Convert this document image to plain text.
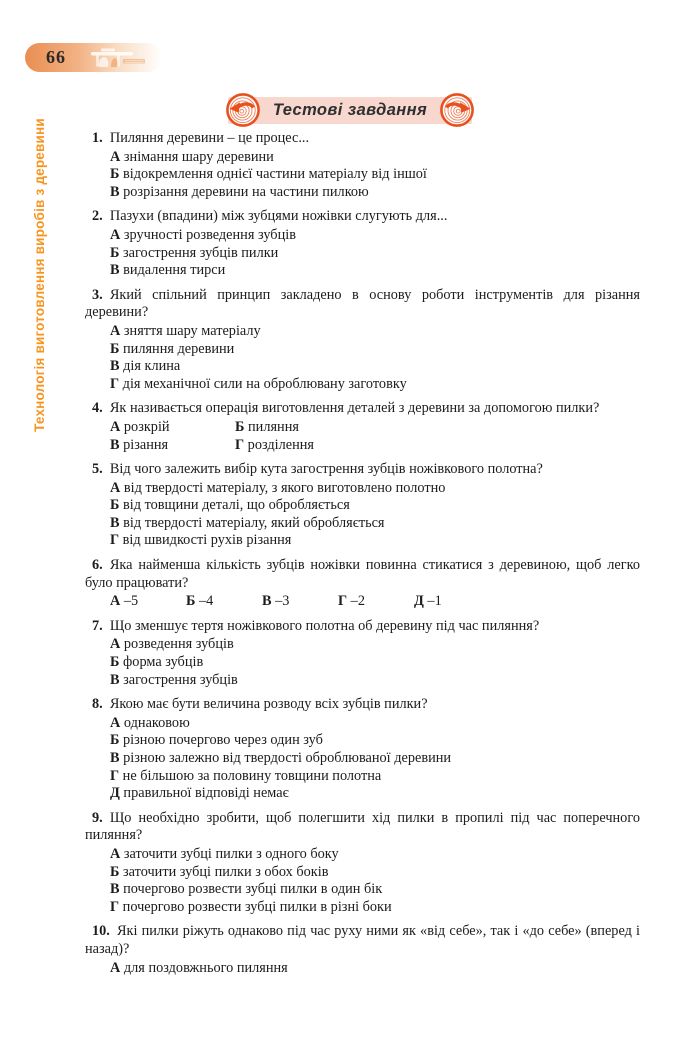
66
Технологія виготовлення виробів з деревини
Тестові завдання

1. Пиляння деревини – це процес...

А знімання шару деревини
Б відокремлення однієї частини матеріалу від іншої
В розрізання деревини на частини пилкою

2. Пазухи (впадини) між зубцями ножівки слугують для...

А зручності розведення зубців
Б загострення зубців пилки
В видалення тирси

3. Який спільний принцип закладено в основу роботи інструментів для різання деревини?

А зняття шару матеріалу
Б пиляння деревини
В дія клина
Г дія механічної сили на оброблювану заготовку

4. Як називається операція виготовлення деталей з деревини за допомогою пилки?

А розкрій	Б пиляння
В різання	Г розділення

5. Від чого залежить вибір кута загострення зубців ножівкового полотна?

А від твердості матеріалу, з якого виготовлено полотно
Б від товщини деталі, що обробляється
В від твердості матеріалу, який обробляється
Г від швидкості рухів різання

6. Яка найменша кількість зубців ножівки повинна стикатися з деревиною, щоб легко було працювати?

А –5	Б –4	В –3	Г –2	Д –1

7. Що зменшує тертя ножівкового полотна об деревину під час пиляння?

А розведення зубців
Б форма зубців
В загострення зубців

8. Якою має бути величина розводу всіх зубців пилки?

А однаковою
Б різною почергово через один зуб
В різною залежно від твердості оброблюваної деревини
Г не більшою за половину товщини полотна
Д правильної відповіді немає

9. Що необхідно зробити, щоб полегшити хід пилки в пропилі під час поперечного пиляння?

А заточити зубці пилки з одного боку
Б заточити зубці пилки з обох боків
В почергово розвести зубці пилки в один бік
Г почергово розвести зубці пилки в різні боки

10. Які пилки ріжуть однаково під час руху ними як «від себе», так і «до себе» (вперед і назад)?

А для поздовжнього пиляння
